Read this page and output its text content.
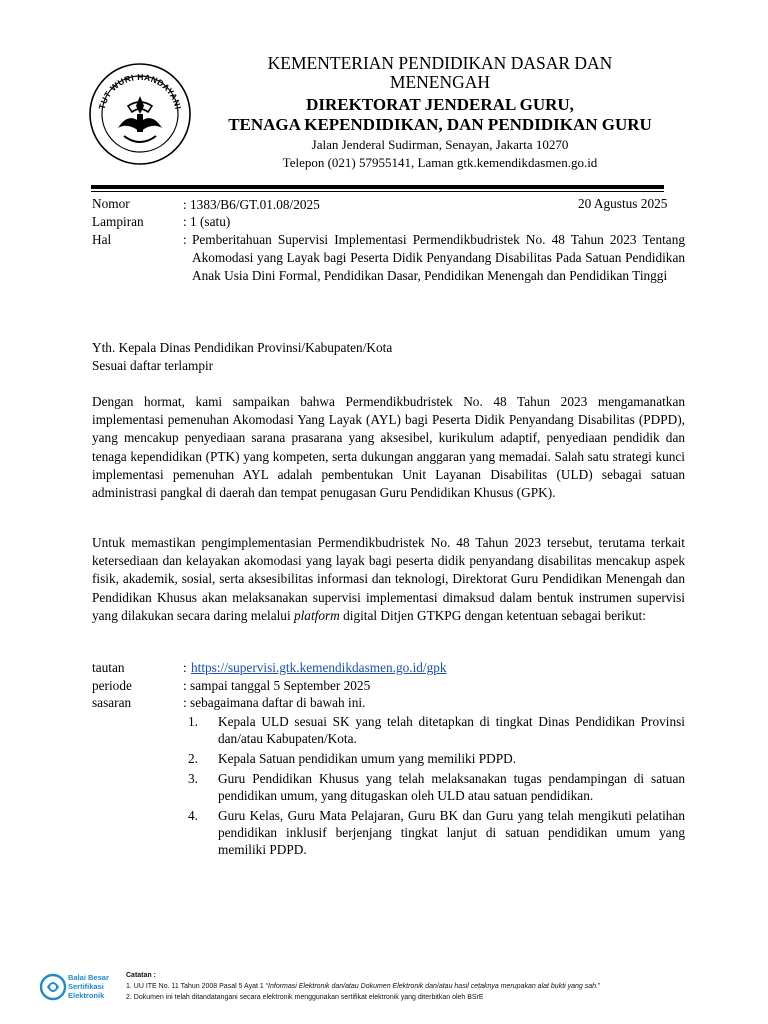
TUT WURI HANDAYANI
KEMENTERIAN PENDIDIKAN DASAR DAN
MENENGAH
DIREKTORAT JENDERAL GURU,
TENAGA KEPENDIDIKAN, DAN PENDIDIKAN GURU
Jalan Jenderal Sudirman, Senayan, Jakarta 10270
Telepon (021) 57955141, Laman gtk.kemendikdasmen.go.id
Nomor	: 1383/B6/GT.01.08/2025	20 Agustus 2025
Lampiran	: 1 (satu)
Hal	: Pemberitahuan Supervisi Implementasi Permendikbudristek No. 48 Tahun 2023 Tentang Akomodasi yang Layak bagi Peserta Didik Penyandang Disabilitas Pada Satuan Pendidikan Anak Usia Dini Formal, Pendidikan Dasar, Pendidikan Menengah dan Pendidikan Tinggi
Yth. Kepala Dinas Pendidikan Provinsi/Kabupaten/Kota
Sesuai daftar terlampir
Dengan hormat, kami sampaikan bahwa Permendikbudristek No. 48 Tahun 2023 mengamanatkan implementasi pemenuhan Akomodasi Yang Layak (AYL) bagi Peserta Didik Penyandang Disabilitas (PDPD), yang mencakup penyediaan sarana prasarana yang aksesibel, kurikulum adaptif, penyediaan pendidik dan tenaga kependidikan (PTK) yang kompeten, serta dukungan anggaran yang memadai. Salah satu strategi kunci implementasi pemenuhan AYL adalah pembentukan Unit Layanan Disabilitas (ULD) sebagai satuan administrasi pangkal di daerah dan tempat penugasan Guru Pendidikan Khusus (GPK).
Untuk memastikan pengimplementasian Permendikbudristek No. 48 Tahun 2023 tersebut, terutama terkait ketersediaan dan kelayakan akomodasi yang layak bagi peserta didik penyandang disabilitas mencakup aspek fisik, akademik, sosial, serta aksesibilitas informasi dan teknologi, Direktorat Guru Pendidikan Menengah dan Pendidikan Khusus akan melaksanakan supervisi implementasi dimaksud dalam bentuk instrumen supervisi yang dilakukan secara daring melalui platform digital Ditjen GTKPG dengan ketentuan sebagai berikut:
tautan	: https://supervisi.gtk.kemendikdasmen.go.id/gpk
periode	: sampai tanggal 5 September 2025
sasaran	: sebagaimana daftar di bawah ini.
1. Kepala ULD sesuai SK yang telah ditetapkan di tingkat Dinas Pendidikan Provinsi dan/atau Kabupaten/Kota.
2. Kepala Satuan pendidikan umum yang memiliki PDPD.
3. Guru Pendidikan Khusus yang telah melaksanakan tugas pendampingan di satuan pendidikan umum, yang ditugaskan oleh ULD atau satuan pendidikan.
4. Guru Kelas, Guru Mata Pelajaran, Guru BK dan Guru yang telah mengikuti pelatihan pendidikan inklusif berjenjang tingkat lanjut di satuan pendidikan umum yang memiliki PDPD.
Balai Besar
Sertifikasi
Elektronik
Catatan :
1. UU ITE No. 11 Tahun 2008 Pasal 5 Ayat 1 “Informasi Elektronik dan/atau Dokumen Elektronik dan/atau hasil cetaknya merupakan alat bukti yang sah.”
2. Dokumen ini telah ditandatangani secara elektronik menggunakan sertifikat elektronik yang diterbitkan oleh BSrE
